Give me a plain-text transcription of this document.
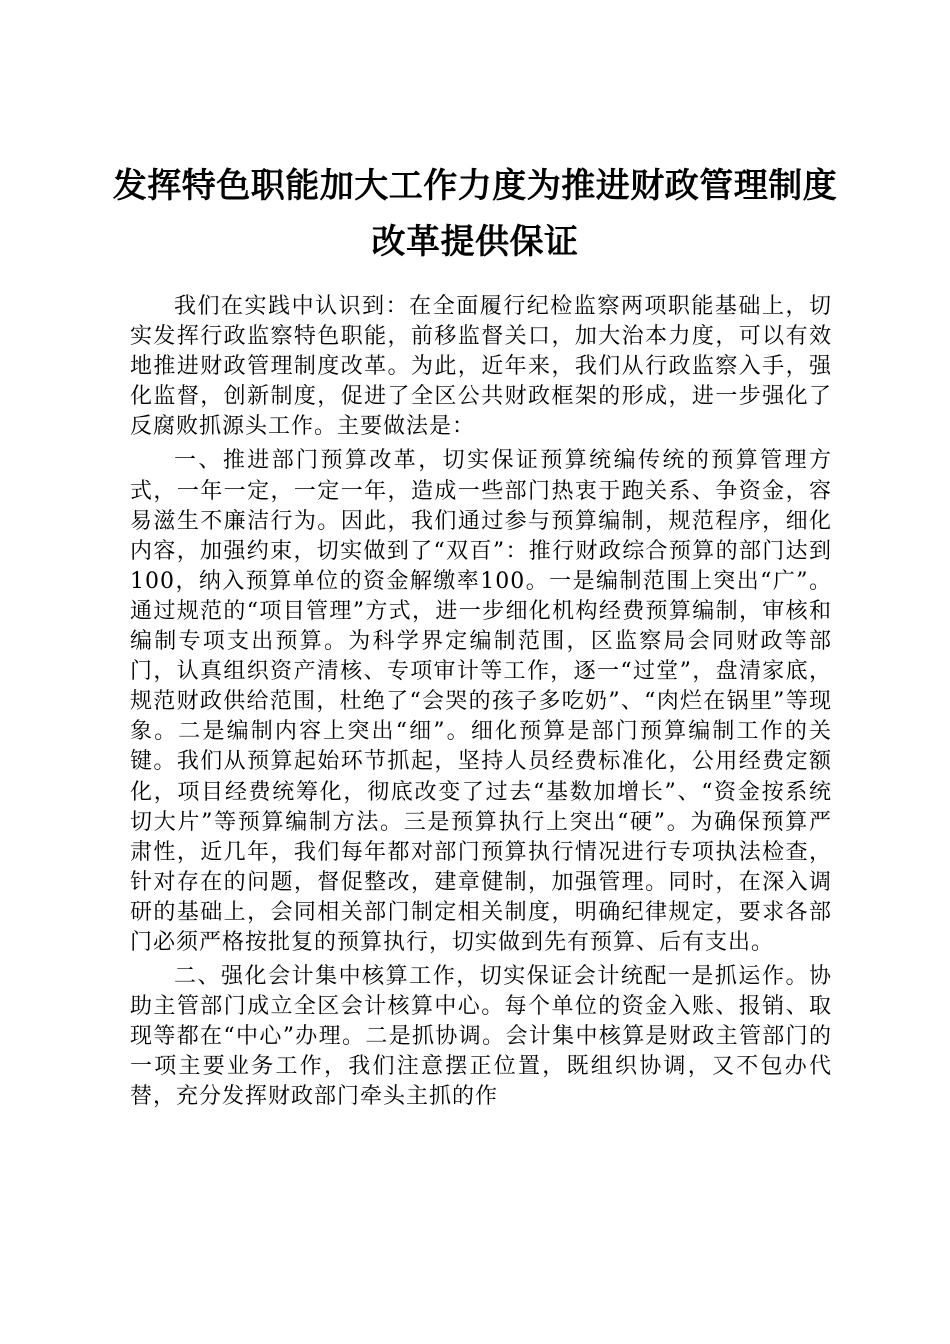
发挥特色职能加大工作力度为推进财政管理制度改革提供保证

我们在实践中认识到：在全面履行纪检监察两项职能基础上，切实发挥行政监察特色职能，前移监督关口，加大治本力度，可以有效地推进财政管理制度改革。为此，近年来，我们从行政监察入手，强化监督，创新制度，促进了全区公共财政框架的形成，进一步强化了反腐败抓源头工作。主要做法是：

一、推进部门预算改革，切实保证预算统编传统的预算管理方式，一年一定，一定一年，造成一些部门热衷于跑关系、争资金，容易滋生不廉洁行为。因此，我们通过参与预算编制，规范程序，细化内容，加强约束，切实做到了“双百”：推行财政综合预算的部门达到100，纳入预算单位的资金解缴率100。一是编制范围上突出“广”。通过规范的“项目管理”方式，进一步细化机构经费预算编制，审核和编制专项支出预算。为科学界定编制范围，区监察局会同财政等部门，认真组织资产清核、专项审计等工作，逐一“过堂”，盘清家底，规范财政供给范围，杜绝了“会哭的孩子多吃奶”、“肉烂在锅里”等现象。二是编制内容上突出“细”。细化预算是部门预算编制工作的关键。我们从预算起始环节抓起，坚持人员经费标准化，公用经费定额化，项目经费统筹化，彻底改变了过去“基数加增长”、“资金按系统切大片”等预算编制方法。三是预算执行上突出“硬”。为确保预算严肃性，近几年，我们每年都对部门预算执行情况进行专项执法检查，针对存在的问题，督促整改，建章健制，加强管理。同时，在深入调研的基础上，会同相关部门制定相关制度，明确纪律规定，要求各部门必须严格按批复的预算执行，切实做到先有预算、后有支出。

二、强化会计集中核算工作，切实保证会计统配一是抓运作。协助主管部门成立全区会计核算中心。每个单位的资金入账、报销、取现等都在“中心”办理。二是抓协调。会计集中核算是财政主管部门的一项主要业务工作，我们注意摆正位置，既组织协调，又不包办代替，充分发挥财政部门牵头主抓的作
